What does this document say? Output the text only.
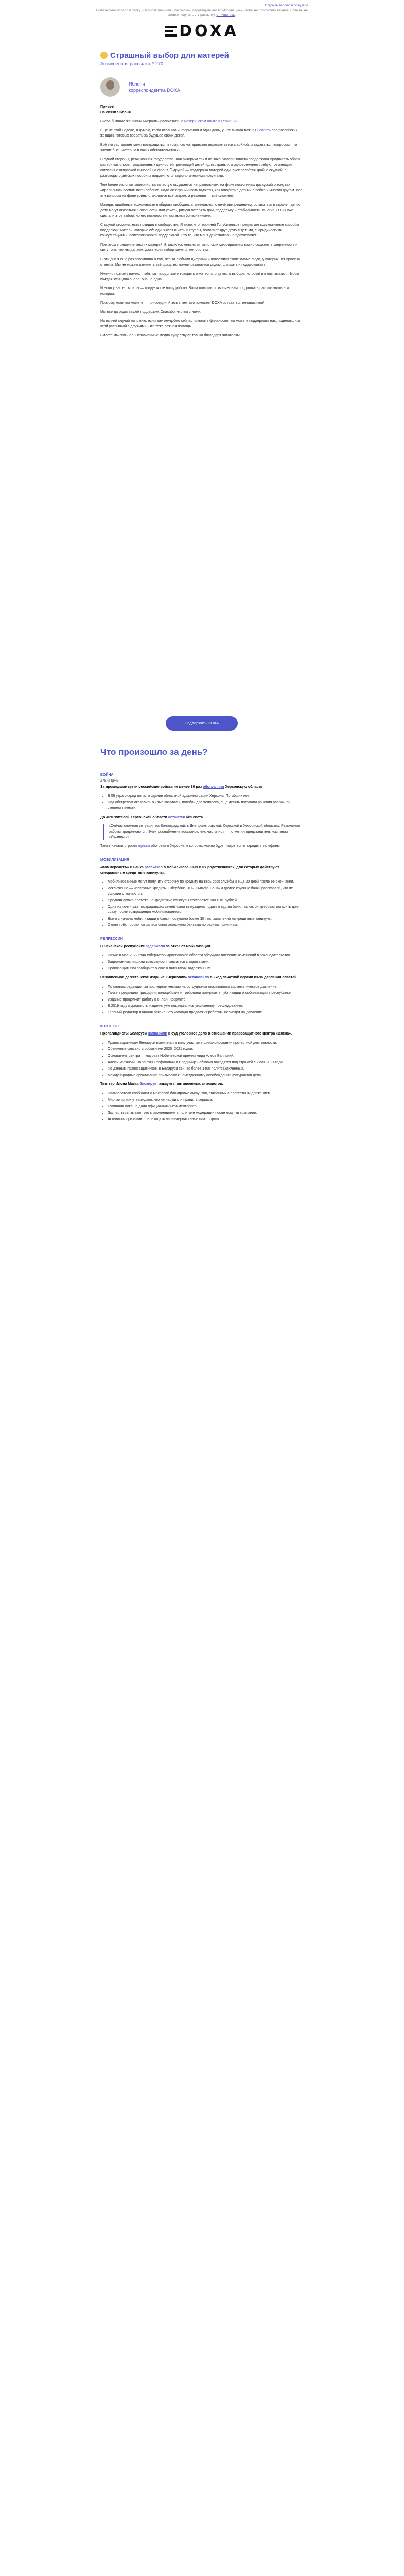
Открыть версию в браузере
Если письмо попало в папку «Промоакции» или «Рассылки», перетащите его во «Входящие», чтобы не пропустить важное. Если вы не хотите получать эту рассылку, отпишитесь.
DOXA
Страшный выбор для матерей
Антивоенная рассылка # 270
Яблоня
корреспондентка DOXA

Привет!
На связи Яблоня.

Вчера бывшие женщины-мигранты рассказали, о материнском опыте в Германии.

Ещё не этой неделе, я думаю, когда всплыла информация и один день, у нее вышла важная новость про российских женщин, готовых воевать за будущее своих детей.

Всё это заставляет меня возвращаться к тому, как материнство переплетается с войной, и задаваться вопросом: что значит быть матерью в таких обстоятельствах?

С одной стороны, реакционная государственная риторика так и не закончилась: власти продолжают продвигать образ матери как опоры традиционных ценностей, рожающей детей «для страны», и одновременно требуют от женщин согласия с отправкой сыновей на фронт. С другой — поддержка матерей-одиночек остаётся крайне скудной, а разговоры о детских пособиях подменяются идеологическими лозунгами.

Тем более это опыт материнства зачастую ощущается неправильным: на фоне постоянных дискуссий о том, как «правильно» воспитывать ребёнка, надо ли ограничивать гаджеты, как говорить с детьми о войне и многом другом. Всё эти вопросы на фоне войны становятся всё острее, а решения — всё сложнее.

Матери, лишённые возможности выбирать свободно, сталкиваются с нелёгким решением: оставаться в стране, где их дети могут оказаться в опасности, или уехать, рискуя потерять дом, поддержку и стабильность. Многие из них уже сделали этот выбор, но его последствия остаются болезненными.

С другой стороны, есть позиция в сообществе. Я знаю, что героиней Голубятников предлагает коллективные способы поддержки: матери, которые объединяются в чаты и группы, помогают друг другу с детьми, с юридическими консультациями, психологической поддержкой. Это то, что меня действительно вдохновляет.

При этом в решение многих матерей. В таких маленьких активистских мероприятиях важно сохранять уверенность и силу того, что мы делаем, даже если выбор кажется непростым.

В эти дни я ещё раз вспомнила о том, что за любыми цифрами и новостями стоят живые люди, у которых нет простых ответов. Мы не можем изменить всё сразу, но можем оставаться рядом, слышать и поддерживать.

Именно поэтому важно, чтобы мы продолжали говорить о матерях, о детях, о выборе, который им навязывают. Чтобы каждая женщина знала: она не одна.

И если у вас есть силы — поддержите нашу работу. Ваша помощь позволяет нам продолжать рассказывать эти истории.

Поэтому, если вы можете — присоединяйтесь к тем, кто помогает DOXA оставаться независимой.

Мы всегда рады вашей поддержке. Спасибо, что вы с нами.

На всякий случай напомню: если вам неудобно сейчас помогать финансово, вы можете поддержать нас, поделившись этой рассылкой с друзьями. Это тоже важная помощь.

Вместе мы сильнее. Независимые медиа существуют только благодаря читателям.

Поддержать DOXA
Что произошло за день?

ВОЙНА
278-й день

За прошедшие сутки российские войска не менее 30 раз обстреляли Херсонскую область

• В 08 утра снаряд попал в здание областной администрации Херсона. Погибших нет.
• Под обстрелом оказались жилые кварталы, погибли два человека, ещё десять получили ранения различной степени тяжести.

До 40% жителей Херсонской области остаются без света

«Сейчас сложная ситуация на Волгоградской, в Днепропетровской, Одесской и Херсонской областях. Ремонтные работы продолжаются. Электроснабжение восстановлено частично», — отметил представитель компании «Укрэнерго».

Также начали строить пункты обогрева в Херсоне, в которых можно будет погреться и зарядить телефоны.

МОБИЛИЗАЦИЯ

«Коммерсантъ» с Банка рассказал о мобилизованных и их родственниках, для которых действуют специальные кредитные каникулы.

• Мобилизованные могут получить отсрочку по кредиту на весь срок службы и ещё 30 дней после её окончания.
• Исключение — ипотечные кредиты. Сбербанк, ВТБ, «Альфа-Банк» и другие крупные банки рассказали, что их условия отличаются.
• Средняя сумма платежа на кредитные каникулы составляет 600 тыс. рублей.
• Одна из почти уже пострадавших семей была вынуждена подать в суд на банк, так как он требовал погасить долг сразу после возвращения мобилизованного.
• Всего с начала мобилизации в банки поступило более 30 тыс. заявлений на кредитные каникулы.
• Около трёх процентов заявок были отклонены банками по разным причинам.

РЕПРЕССИИ

В Чеченской республике задержали за отказ от мобилизации.

• Позже в мае 2022 года губернатор Ярославской области обсуждал внесение изменений в законодательство.
• Задержанных лишили возможности связаться с адвокатами.
• Правозащитники сообщают о ещё о пяти таких задержанных.

Независимое дагестанское издание «Черновик» остановило выход печатной версии из-за давления властей.

• По словам редакции, за последние месяцы на сотрудников оказывалось систематическое давление.
• Также в редакцию приходили полицейские и требовали прекратить публикации о мобилизации в республике.
• Издание продолжит работу в онлайн-формате.
• В 2019 году журналисты издания уже подвергались уголовному преследованию.
• Главный редактор издания заявил, что команда продолжит работать несмотря на давление.

КОНТЕКСТ

Пропагандисты Беларуси направили в суд уголовное дело в отношении правозащитного центра «Вясна».

• Правозащитникам Беларуси вменяется в вину участие в финансировании протестной деятельности.
• Обвинение связано с событиями 2020–2021 годов.
• Основатель центра — лауреат Нобелевской премии мира Алесь Беляцкий.
• Алесь Беляцкий, Валентин Стефанович и Владимир Лабкович находятся под стражей с июля 2021 года.
• По данным правозащитников, в Беларуси сейчас более 1400 политзаключённых.
• Международные организации призывают к немедленному освобождению фигурантов дела.

Твиттер Илона Маска блокирует аккаунты антивоенных активистов.

• Пользователи сообщают о массовой блокировке аккаунтов, связанных с протестным движением.
• Многие из них утверждают, что не нарушали правила сервиса.
• Компания пока не дала официальных комментариев.
• Эксперты связывают это с изменениями в политике модерации после покупки компании.
• Активисты призывают переходить на альтернативные платформы.
